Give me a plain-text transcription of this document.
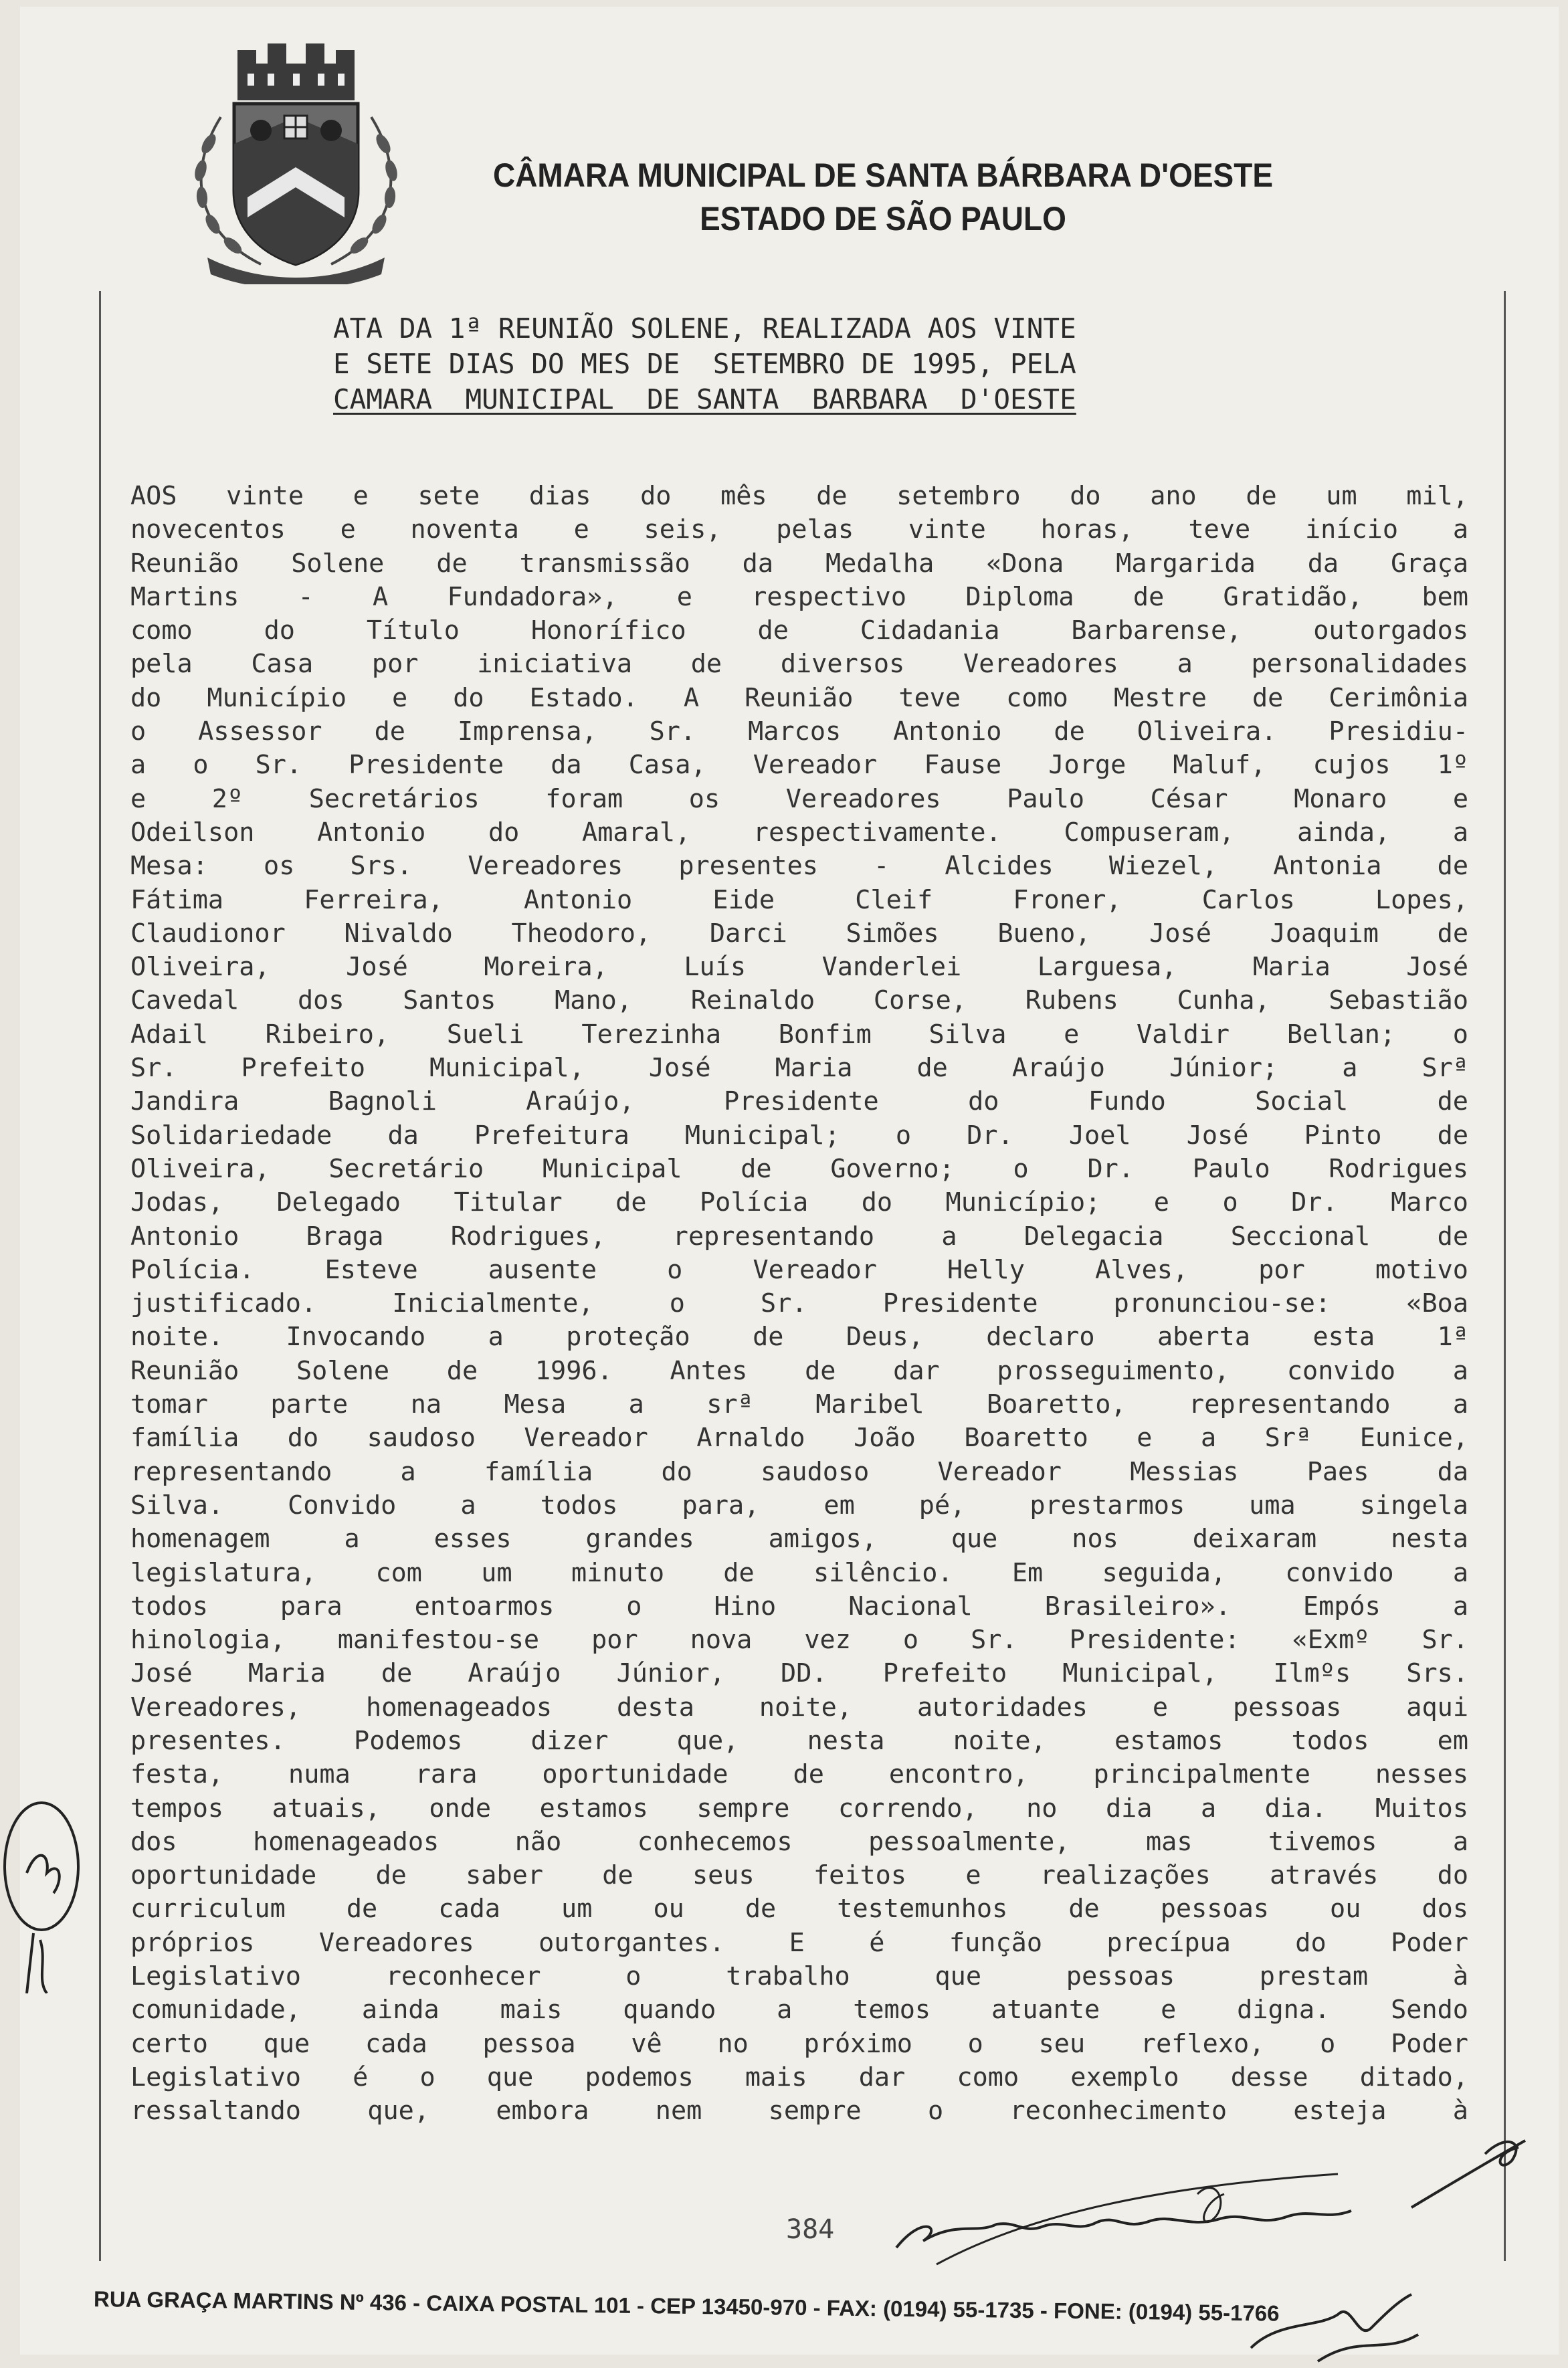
CÂMARA MUNICIPAL DE SANTA BÁRBARA D'OESTE
ESTADO DE SÃO PAULO
ATA DA 1ª REUNIÃO SOLENE, REALIZADA AOS VINTE
E SETE DIAS DO MES DE  SETEMBRO DE 1995, PELA
CAMARA  MUNICIPAL  DE SANTA  BARBARA  D'OESTE
AOS vinte e sete dias do mês de setembro do ano de um mil,
novecentos e noventa e seis, pelas vinte horas, teve início a
Reunião Solene de transmissão da Medalha «Dona Margarida da Graça
Martins - A Fundadora», e respectivo Diploma de Gratidão, bem
como do Título Honorífico de Cidadania Barbarense, outorgados
pela Casa por iniciativa de diversos Vereadores a personalidades
do Município e do Estado. A Reunião teve como Mestre de Cerimônia
o Assessor de Imprensa, Sr. Marcos Antonio de Oliveira. Presidiu-
a o Sr. Presidente da Casa, Vereador Fause Jorge Maluf, cujos 1º
e 2º Secretários foram os Vereadores Paulo César Monaro e
Odeilson Antonio do Amaral, respectivamente. Compuseram, ainda, a
Mesa: os Srs. Vereadores presentes - Alcides Wiezel, Antonia de
Fátima Ferreira, Antonio Eide Cleif Froner, Carlos Lopes,
Claudionor Nivaldo Theodoro, Darci Simões Bueno, José Joaquim de
Oliveira, José Moreira, Luís Vanderlei Larguesa, Maria José
Cavedal dos Santos Mano, Reinaldo Corse, Rubens Cunha, Sebastião
Adail Ribeiro, Sueli Terezinha Bonfim Silva e Valdir Bellan; o
Sr. Prefeito Municipal, José Maria de Araújo Júnior; a Srª
Jandira Bagnoli Araújo, Presidente do Fundo Social de
Solidariedade da Prefeitura Municipal; o Dr. Joel José Pinto de
Oliveira, Secretário Municipal de Governo; o Dr. Paulo Rodrigues
Jodas, Delegado Titular de Polícia do Município; e o Dr. Marco
Antonio Braga Rodrigues, representando a Delegacia Seccional de
Polícia. Esteve ausente o Vereador Helly Alves, por motivo
justificado. Inicialmente, o Sr. Presidente pronunciou-se: «Boa
noite. Invocando a proteção de Deus, declaro aberta esta 1ª
Reunião Solene de 1996. Antes de dar prosseguimento, convido a
tomar parte na Mesa a srª Maribel Boaretto, representando a
família do saudoso Vereador Arnaldo João Boaretto e a Srª Eunice,
representando a família do saudoso Vereador Messias Paes da
Silva. Convido a todos para, em pé, prestarmos uma singela
homenagem a esses grandes amigos, que nos deixaram nesta
legislatura, com um minuto de silêncio. Em seguida, convido a
todos para entoarmos o Hino Nacional Brasileiro». Empós a
hinologia, manifestou-se por nova vez o Sr. Presidente: «Exmº Sr.
José Maria de Araújo Júnior, DD. Prefeito Municipal, Ilmºs Srs.
Vereadores, homenageados desta noite, autoridades e pessoas aqui
presentes. Podemos dizer que, nesta noite, estamos todos em
festa, numa rara oportunidade de encontro, principalmente nesses
tempos atuais, onde estamos sempre correndo, no dia a dia. Muitos
dos homenageados não conhecemos pessoalmente, mas tivemos a
oportunidade de saber de seus feitos e realizações através do
curriculum de cada um ou de testemunhos de pessoas ou dos
próprios Vereadores outorgantes. E é função precípua do Poder
Legislativo reconhecer o trabalho que pessoas prestam à
comunidade, ainda mais quando a temos atuante e digna. Sendo
certo que cada pessoa vê no próximo o seu reflexo, o Poder
Legislativo é o que podemos mais dar como exemplo desse ditado,
ressaltando que, embora nem sempre o reconhecimento esteja à
384
RUA GRAÇA MARTINS Nº 436 - CAIXA POSTAL 101 - CEP 13450-970 - FAX: (0194) 55-1735 - FONE: (0194) 55-1766
